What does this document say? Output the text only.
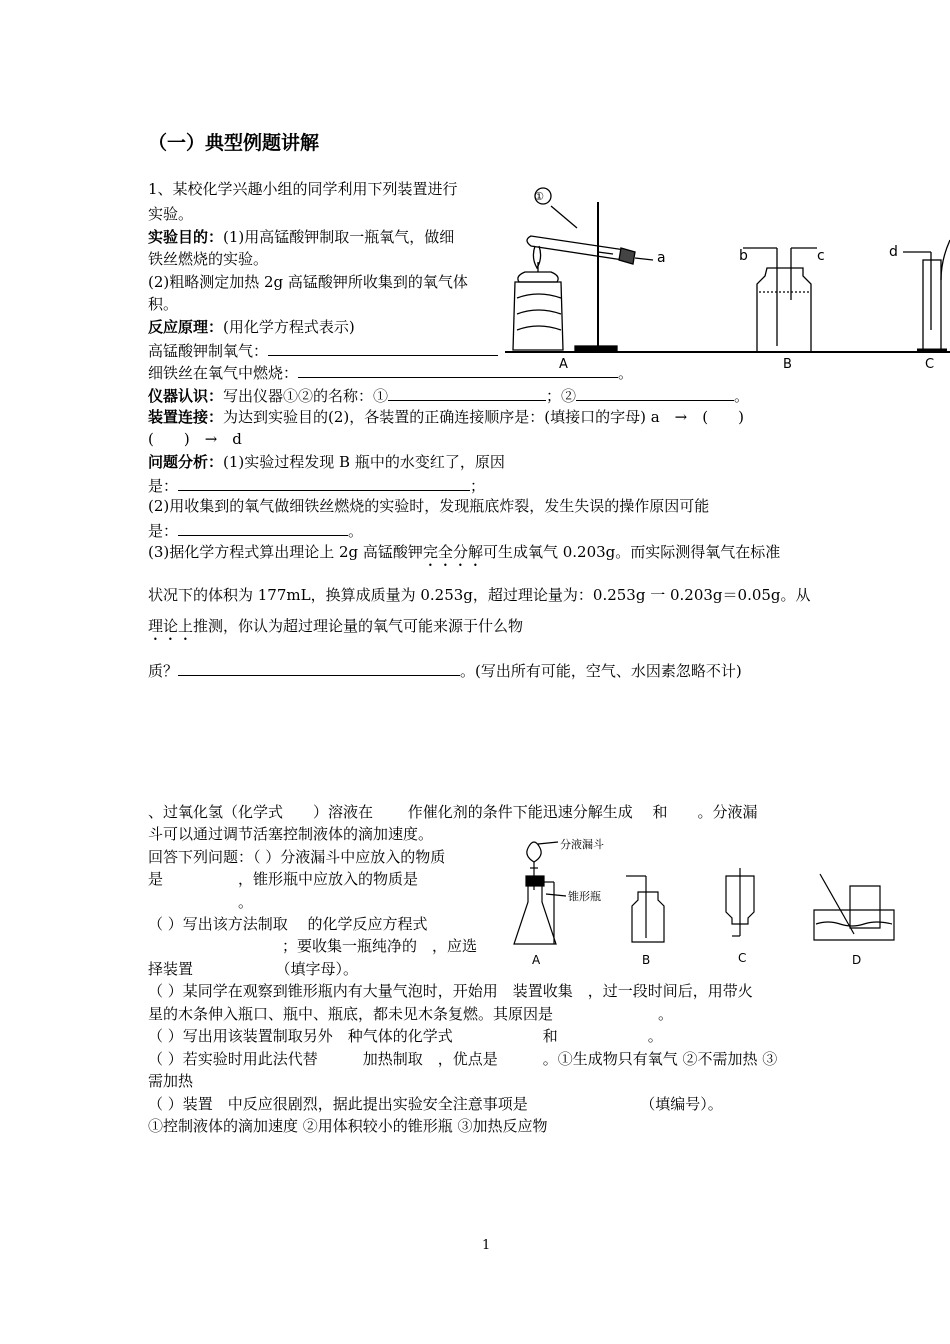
（一）典型例题讲解
1、某校化学兴趣小组的同学利用下列装置进行
实验。
实验目的：(1)用高锰酸钾制取一瓶氧气，做细
铁丝燃烧的实验。
(2)粗略测定加热 2g 高锰酸钾所收集到的氧气体
积。
反应原理：(用化学方程式表示)
高锰酸钾制氧气：
细铁丝在氧气中燃烧：	。
仪器认识：写出仪器①②的名称：①	；②	。
装置连接：为达到实验目的(2)，各装置的正确连接顺序是：(填接口的字母) a　→　(　　)
(　　)　→　d
问题分析：(1)实验过程发现 B 瓶中的水变红了，原因
是：	；
(2)用收集到的氧气做细铁丝燃烧的实验时，发现瓶底炸裂，发生失误的操作原因可能
是：	。
(3)据化学方程式算出理论上 2g 高锰酸钾完全分解可生成氧气 0.203g。而实际测得氧气在标准
状况下的体积为 177mL，换算成质量为 0.253g，超过理论量为：0.253g 一 0.203g＝0.05g。从
理论上推测，你认为超过理论量的氧气可能来源于什么物
质？	。(写出所有可能，空气、水因素忽略不计)
①
a	b	c	d
A	B	C
、过氧化氢（化学式　　）溶液在　　 作催化剂的条件下能迅速分解生成　 和　　。分液漏
斗可以通过调节活塞控制液体的滴加速度。
回答下列问题：（ ）分液漏斗中应放入的物质
是　　　　　，锥形瓶中应放入的物质是
。
（ ）写出该方法制取　 的化学反应方程式
；要收集一瓶纯净的　，应选
择装置　　　　　　（填字母）。
（ ）某同学在观察到锥形瓶内有大量气泡时，开始用　装置收集　，过一段时间后，用带火
星的木条伸入瓶口、瓶中、瓶底，都未见木条复燃。其原因是　　　　　　　。
（ ）写出用该装置制取另外　种气体的化学式　　　　　　和　　　　　　。
（ ）若实验时用此法代替　　　加热制取　，优点是　　　。①生成物只有氧气 ②不需加热 ③
需加热
（ ）装置　中反应很剧烈，据此提出实验安全注意事项是　　　　　　　　（填编号）。
①控制液体的滴加速度 ②用体积较小的锥形瓶 ③加热反应物
分液漏斗
锥形瓶
A	B	C	D
1
